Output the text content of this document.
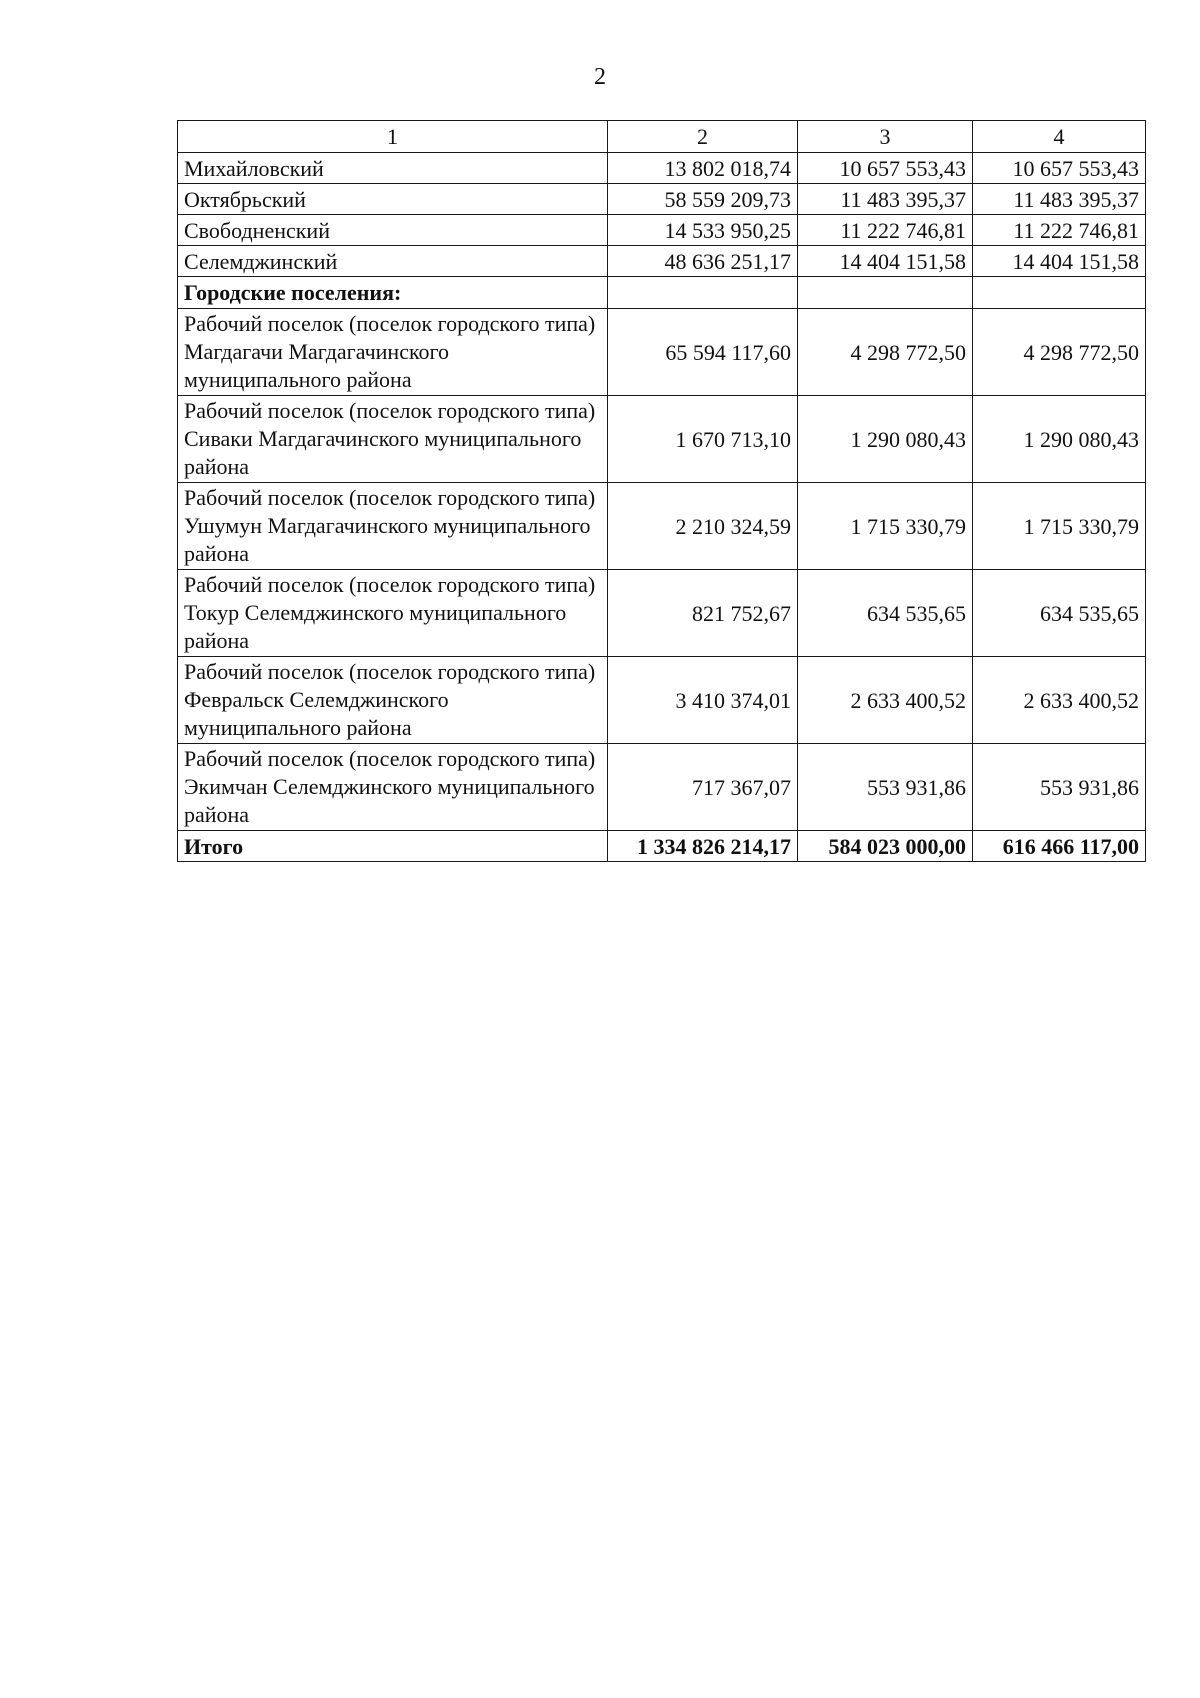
2
1	2	3	4
Михайловский	13 802 018,74	10 657 553,43	10 657 553,43
Октябрьский	58 559 209,73	11 483 395,37	11 483 395,37
Свободненский	14 533 950,25	11 222 746,81	11 222 746,81
Селемджинский	48 636 251,17	14 404 151,58	14 404 151,58
Городские поселения:			
Рабочий поселок (поселок городского типа) Магдагачи Магдагачинского муниципального района	65 594 117,60	4 298 772,50	4 298 772,50
Рабочий поселок (поселок городского типа) Сиваки Магдагачинского муниципального района	1 670 713,10	1 290 080,43	1 290 080,43
Рабочий поселок (поселок городского типа) Ушумун Магдагачинского муниципального района	2 210 324,59	1 715 330,79	1 715 330,79
Рабочий поселок (поселок городского типа) Токур Селемджинского муниципального района	821 752,67	634 535,65	634 535,65
Рабочий поселок (поселок городского типа) Февральск Селемджинского муниципального района	3 410 374,01	2 633 400,52	2 633 400,52
Рабочий поселок (поселок городского типа) Экимчан Селемджинского муниципального района	717 367,07	553 931,86	553 931,86
Итого	1 334 826 214,17	584 023 000,00	616 466 117,00
